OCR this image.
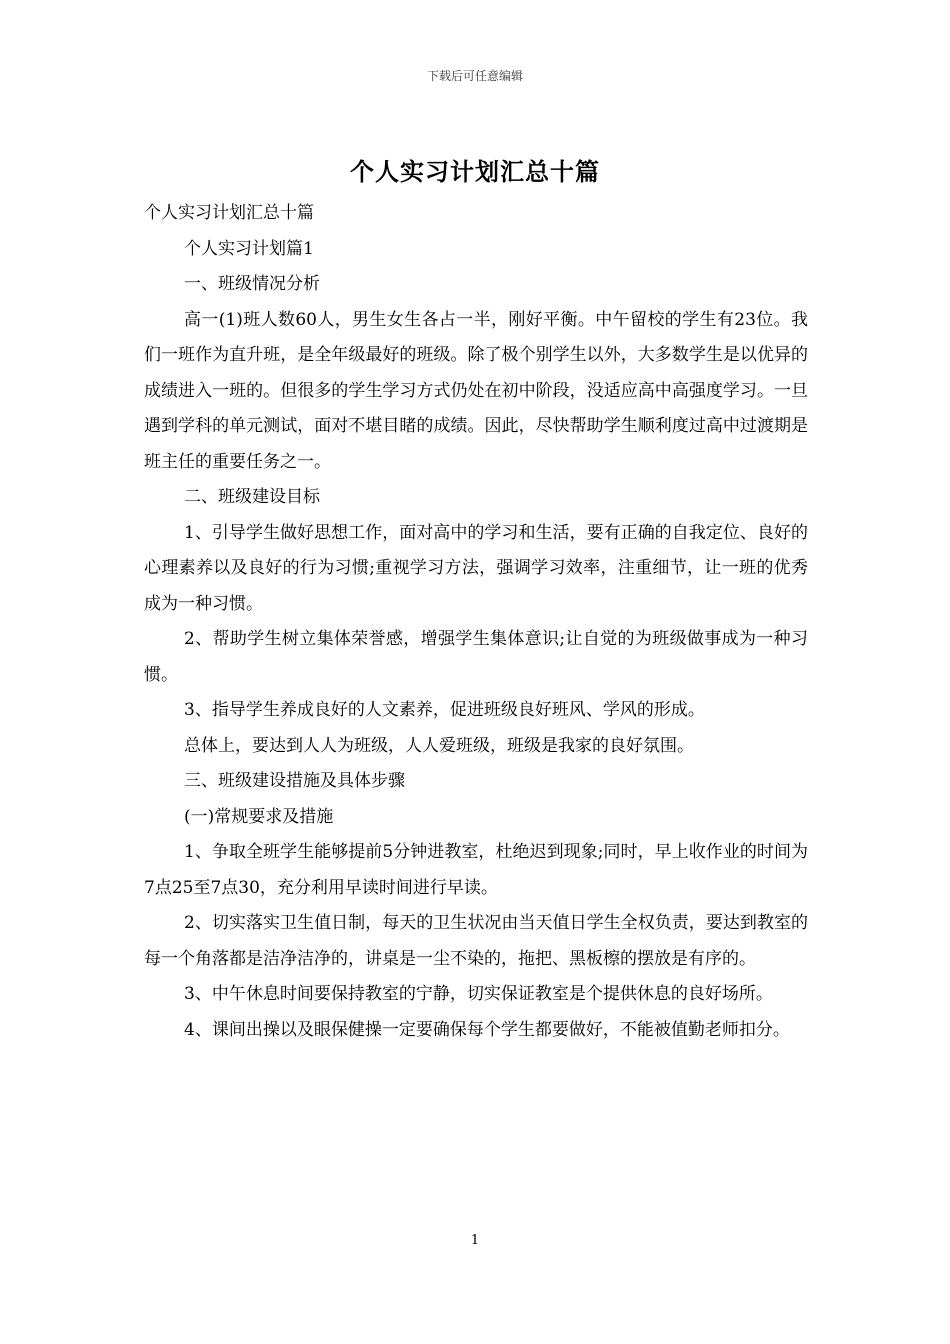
下载后可任意编辑
个人实习计划汇总十篇

个人实习计划汇总十篇

个人实习计划篇1

一、班级情况分析

高一(1)班人数60人，男生女生各占一半，刚好平衡。中午留校的学生有23位。我们一班作为直升班，是全年级最好的班级。除了极个别学生以外，大多数学生是以优异的成绩进入一班的。但很多的学生学习方式仍处在初中阶段，没适应高中高强度学习。一旦遇到学科的单元测试，面对不堪目睹的成绩。因此，尽快帮助学生顺利度过高中过渡期是班主任的重要任务之一。

二、班级建设目标

1、引导学生做好思想工作，面对高中的学习和生活，要有正确的自我定位、良好的心理素养以及良好的行为习惯;重视学习方法，强调学习效率，注重细节，让一班的优秀成为一种习惯。

2、帮助学生树立集体荣誉感，增强学生集体意识;让自觉的为班级做事成为一种习惯。

3、指导学生养成良好的人文素养，促进班级良好班风、学风的形成。

总体上，要达到人人为班级，人人爱班级，班级是我家的良好氛围。

三、班级建设措施及具体步骤

(一)常规要求及措施

1、争取全班学生能够提前5分钟进教室，杜绝迟到现象;同时，早上收作业的时间为7点25至7点30，充分利用早读时间进行早读。

2、切实落实卫生值日制，每天的卫生状况由当天值日学生全权负责，要达到教室的每一个角落都是洁净洁净的，讲桌是一尘不染的，拖把、黑板檫的摆放是有序的。

3、中午休息时间要保持教室的宁静，切实保证教室是个提供休息的良好场所。

4、课间出操以及眼保健操一定要确保每个学生都要做好，不能被值勤老师扣分。

1
